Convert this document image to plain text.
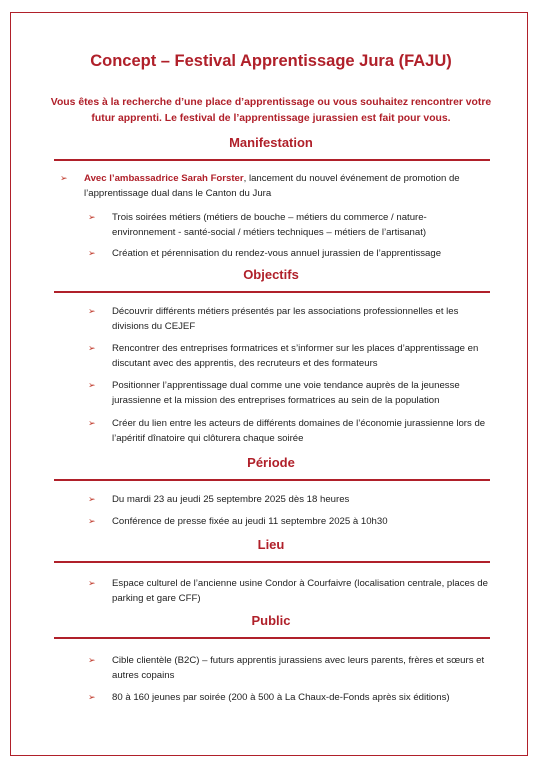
Concept – Festival Apprentissage Jura (FAJU)
Vous êtes à la recherche d’une place d’apprentissage ou vous souhaitez rencontrer votre futur apprenti. Le festival de l’apprentissage jurassien est fait pour vous.
Manifestation
➢ Avec l’ambassadrice Sarah Forster, lancement du nouvel événement de promotion de l’apprentissage dual dans le Canton du Jura
➢ Trois soirées métiers (métiers de bouche – métiers du commerce / nature-environnement - santé-social / métiers techniques – métiers de l’artisanat)
➢ Création et pérennisation du rendez-vous annuel jurassien de l’apprentissage
Objectifs
➢ Découvrir différents métiers présentés par les associations professionnelles et les divisions du CEJEF
➢ Rencontrer des entreprises formatrices et s’informer sur les places d’apprentissage en discutant avec des apprentis, des recruteurs et des formateurs
➢ Positionner l’apprentissage dual comme une voie tendance auprès de la jeunesse jurassienne et la mission des entreprises formatrices au sein de la population
➢ Créer du lien entre les acteurs de différents domaines de l’économie jurassienne lors de l’apéritif dînatoire qui clôturera chaque soirée
Période
➢ Du mardi 23 au jeudi 25 septembre 2025 dès 18 heures
➢ Conférence de presse fixée au jeudi 11 septembre 2025 à 10h30
Lieu
➢ Espace culturel de l’ancienne usine Condor à Courfaivre (localisation centrale, places de parking et gare CFF)
Public
➢ Cible clientèle (B2C) – futurs apprentis jurassiens avec leurs parents, frères et sœurs et autres copains
➢ 80 à 160 jeunes par soirée (200 à 500 à La Chaux-de-Fonds après six éditions)
